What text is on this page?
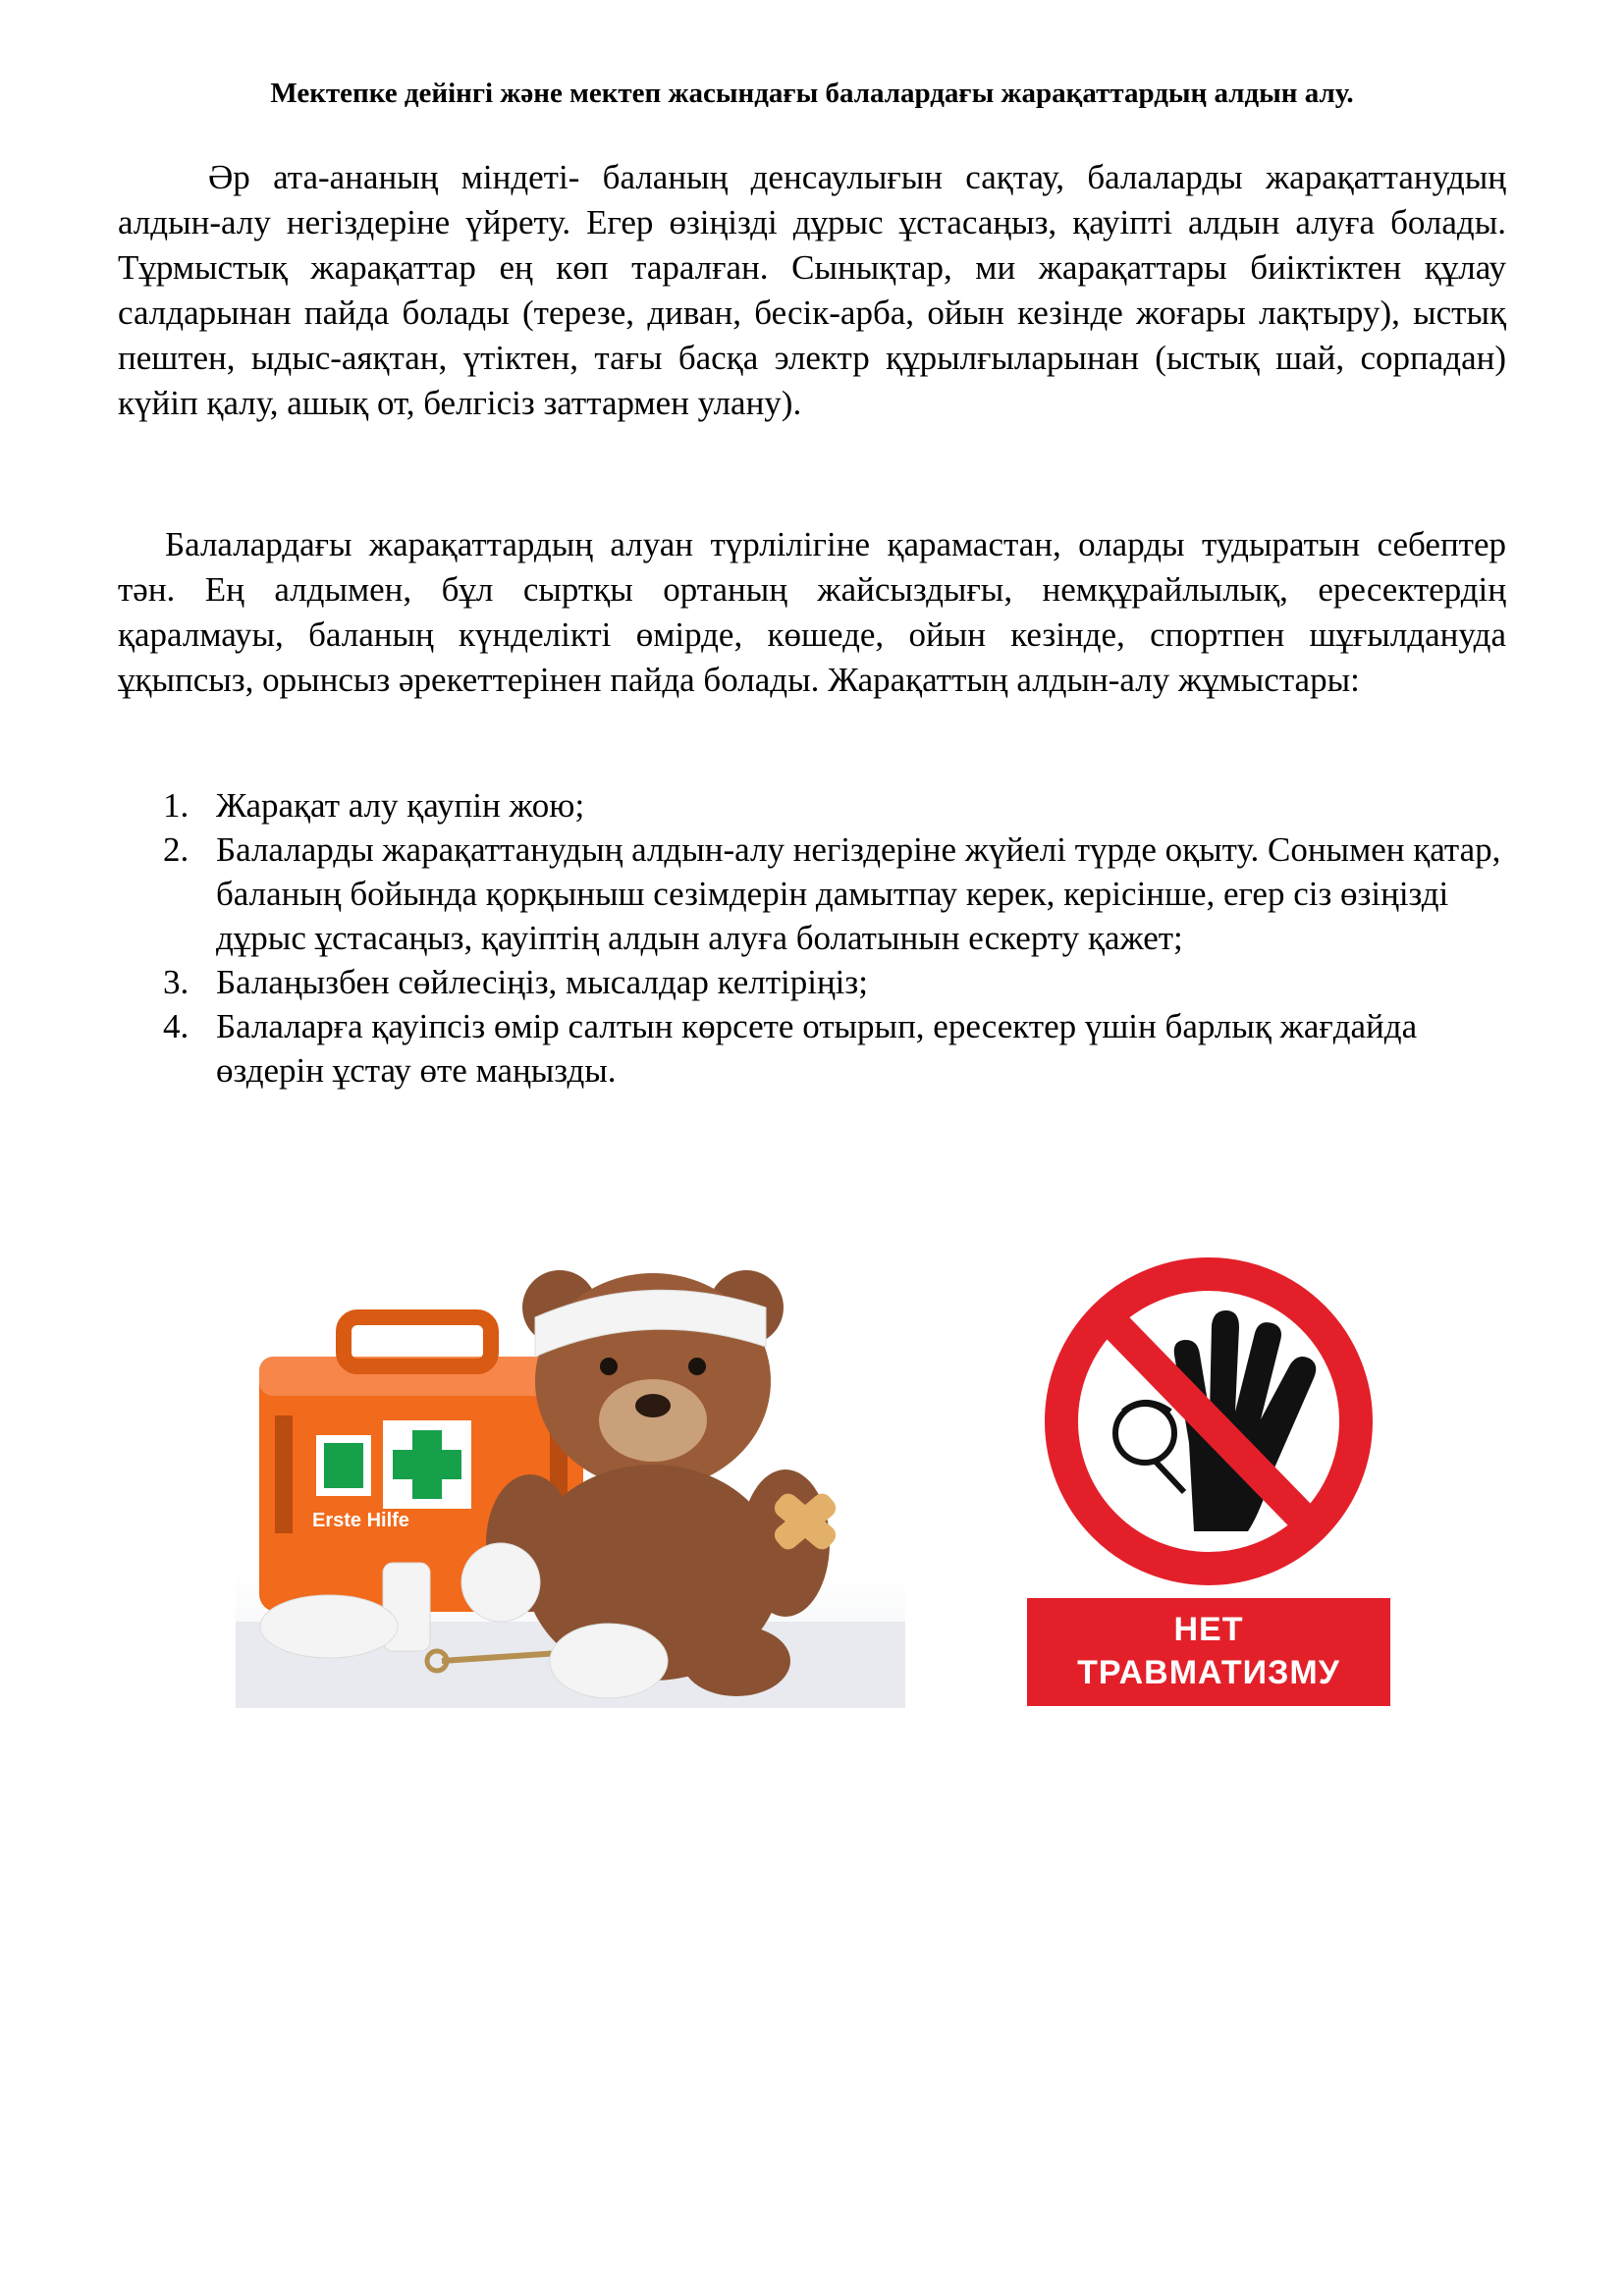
Мектепке дейінгі және мектеп жасындағы балалардағы жарақаттардың алдын алу.

Әр ата-ананың міндеті- баланың денсаулығын сақтау, балаларды жарақаттанудың алдын-алу негіздеріне үйрету. Егер өзіңізді дұрыс ұстасаңыз, қауіпті алдын алуға болады. Тұрмыстық жарақаттар ең көп таралған. Сынықтар, ми жарақаттары биіктіктен құлау салдарынан пайда болады (терезе, диван, бесік-арба, ойын кезінде жоғары лақтыру), ыстық пештен, ыдыс-аяқтан, үтіктен, тағы басқа электр құрылғыларынан (ыстық шай, сорпадан) күйіп қалу, ашық от, белгісіз заттармен улану).

Балалардағы жарақаттардың алуан түрлілігіне қарамастан, оларды тудыратын себептер тән. Ең алдымен, бұл сыртқы ортаның жайсыздығы, немқұрайлылық, ересектердің қаралмауы, баланың күнделікті өмірде, көшеде, ойын кезінде, спортпен шұғылдануда ұқыпсыз, орынсыз әрекеттерінен пайда болады. Жарақаттың алдын-алу жұмыстары:

1. Жарақат алу қаупін жою;
2. Балаларды жарақаттанудың алдын-алу негіздеріне жүйелі түрде оқыту. Сонымен қатар, баланың бойында қорқыныш сезімдерін дамытпау керек, керісінше, егер сіз өзіңізді дұрыс ұстасаңыз, қауіптің алдын алуға болатынын ескерту қажет;
3. Балаңызбен сөйлесіңіз, мысалдар келтіріңіз;
4. Балаларға қауіпсіз өмір салтын көрсете отырып, ересектер үшін барлық жағдайда өздерін ұстау өте маңызды.
Erste Hilfe
НЕТ
ТРАВМАТИЗМУ
